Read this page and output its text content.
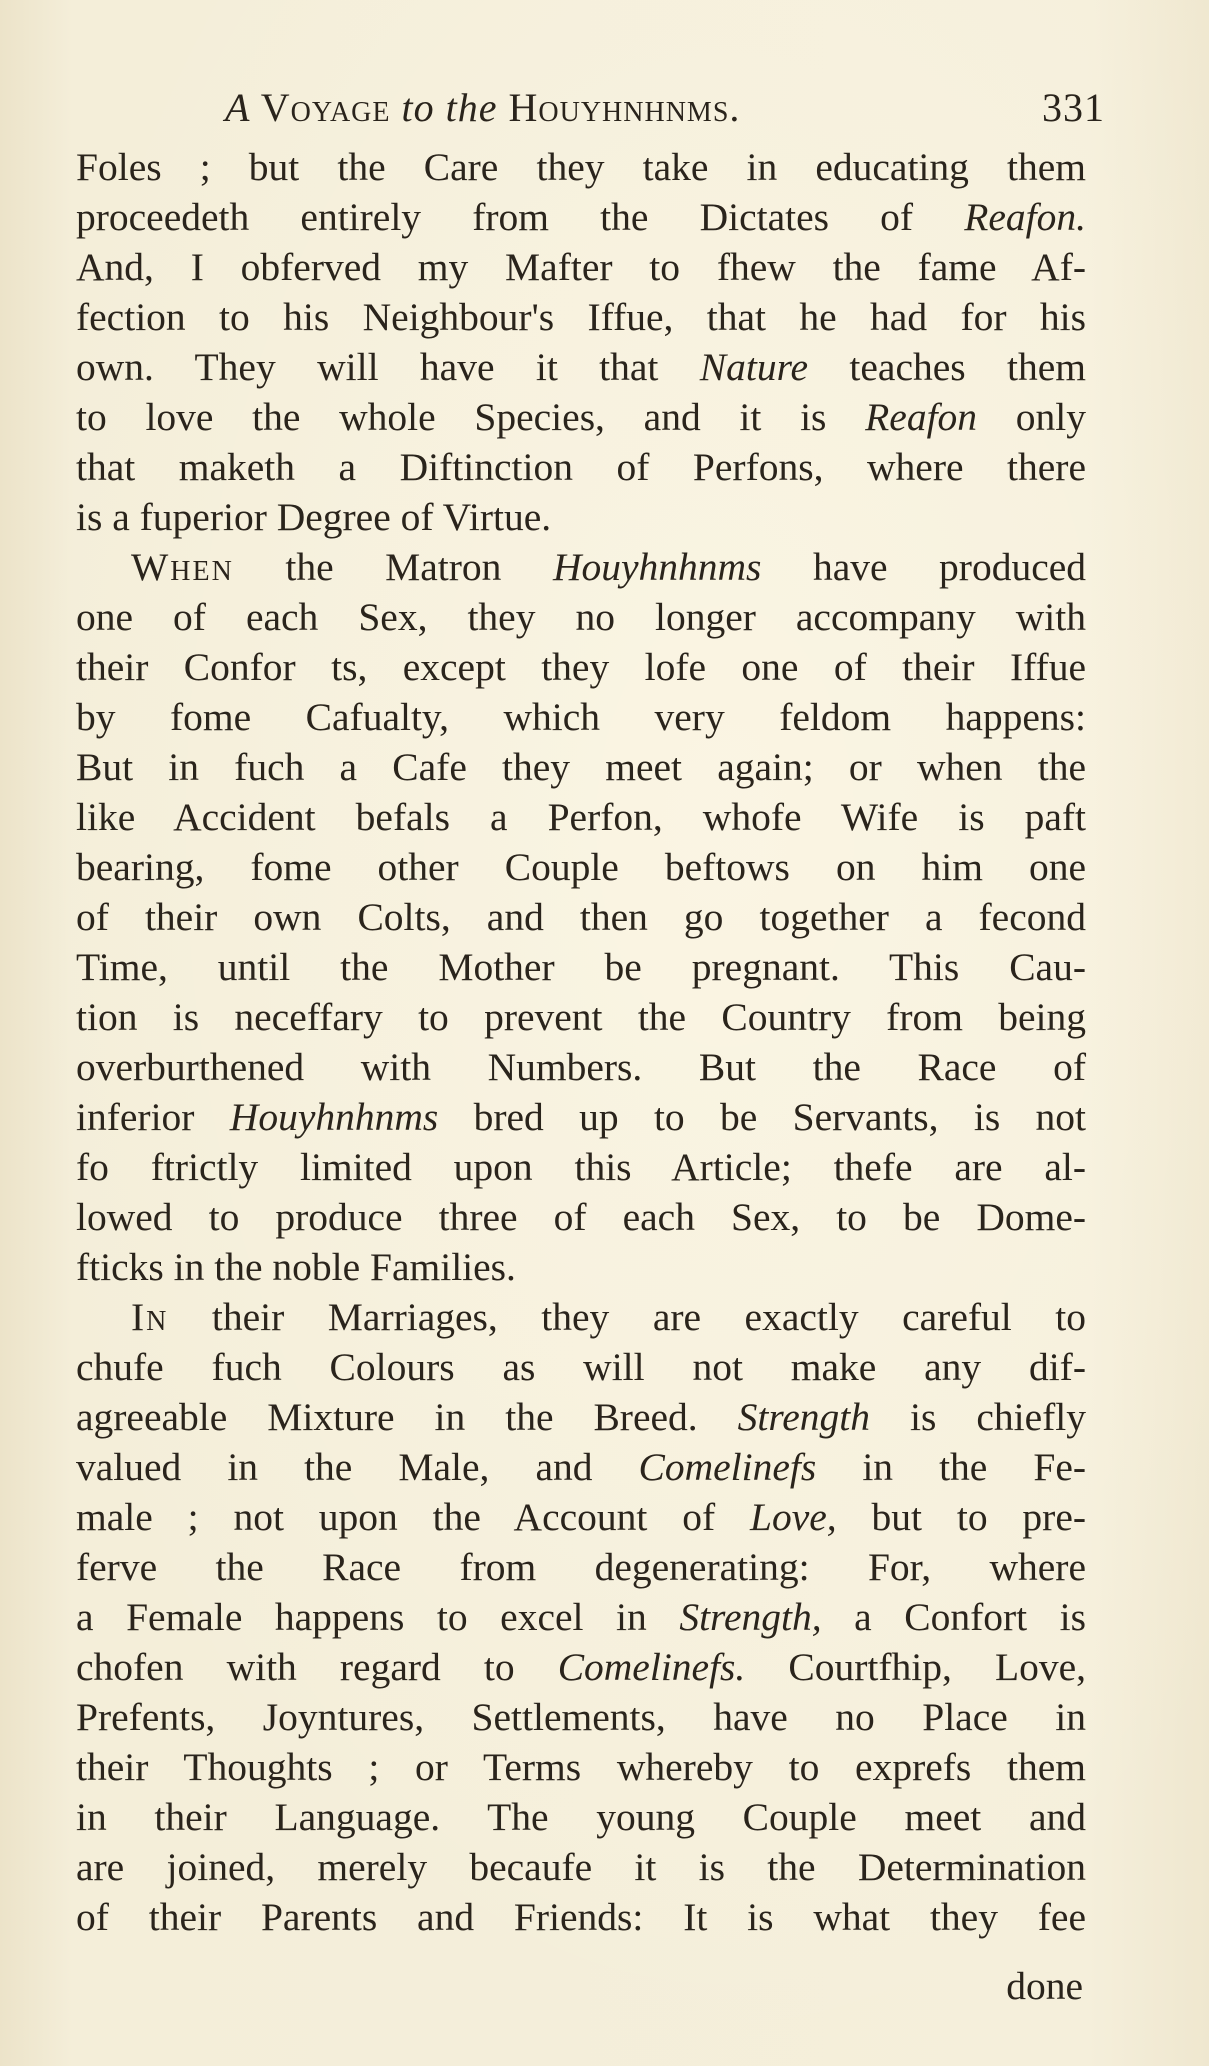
A Voyage to the Houyhnhnms.	331
Foles ; but the Care they take in educating them
proceedeth entirely from the Dictates of Reafon.
And, I obferved my Mafter to fhew the fame Af-
fection to his Neighbour's Iffue, that he had for his
own. They will have it that Nature teaches them
to love the whole Species, and it is Reafon only
that maketh a Diftinction of Perfons, where there
is a fuperior Degree of Virtue.
When the Matron Houyhnhnms have produced
one of each Sex, they no longer accompany with
their Confor ts, except they lofe one of their Iffue
by fome Cafualty, which very feldom happens:
But in fuch a Cafe they meet again; or when the
like Accident befals a Perfon, whofe Wife is paft
bearing, fome other Couple beftows on him one
of their own Colts, and then go together a fecond
Time, until the Mother be pregnant. This Cau-
tion is neceffary to prevent the Country from being
overburthened with Numbers. But the Race of
inferior Houyhnhnms bred up to be Servants, is not
fo ftrictly limited upon this Article; thefe are al-
lowed to produce three of each Sex, to be Dome-
fticks in the noble Families.
In their Marriages, they are exactly careful to
chufe fuch Colours as will not make any dif-
agreeable Mixture in the Breed. Strength is chiefly
valued in the Male, and Comelinefs in the Fe-
male ; not upon the Account of Love, but to pre-
ferve the Race from degenerating: For, where
a Female happens to excel in Strength, a Confort is
chofen with regard to Comelinefs. Courtfhip, Love,
Prefents, Joyntures, Settlements, have no Place in
their Thoughts ; or Terms whereby to exprefs them
in their Language. The young Couple meet and
are joined, merely becaufe it is the Determination
of their Parents and Friends: It is what they fee
done
